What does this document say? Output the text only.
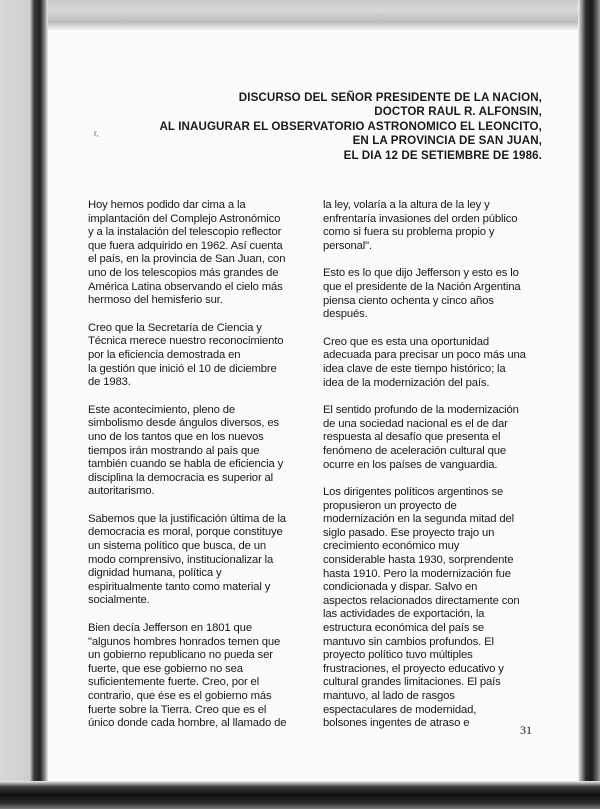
DISCURSO DEL SEÑOR PRESIDENTE DE LA NACION,
DOCTOR RAUL R. ALFONSIN,
AL INAUGURAR EL OBSERVATORIO ASTRONOMICO EL LEONCITO,
EN LA PROVINCIA DE SAN JUAN,
EL DIA 12 DE SETIEMBRE DE 1986.
r,

Hoy hemos podido dar cima a la
implantación del Complejo Astronómico
y a la instalación del telescopio reflector
que fuera adquirido en 1962. Así cuenta
el país, en la provincia de San Juan, con
uno de los telescopios más grandes de
América Latina observando el cielo más
hermoso del hemisferio sur.

Creo que la Secretaría de Ciencia y
Técnica merece nuestro reconocimiento
por la eficiencia demostrada en
la gestión que inició el 10 de diciembre
de 1983.

Este acontecimiento, pleno de
simbolismo desde ángulos diversos, es
uno de los tantos que en los nuevos
tiempos irán mostrando al país que
también cuando se habla de eficiencia y
disciplina la democracia es superior al
autoritarismo.

Sabemos que la justificación última de la
democracia es moral, porque constituye
un sistema político que busca, de un
modo comprensivo, institucionalizar la
dignidad humana, política y
espiritualmente tanto como material y
socialmente.

Bien decía Jefferson en 1801 que
"algunos hombres honrados temen que
un gobierno republicano no pueda ser
fuerte, que ese gobierno no sea
suficientemente fuerte. Creo, por el
contrario, que ése es el gobierno más
fuerte sobre la Tierra. Creo que es el
único donde cada hombre, al llamado de

la ley, volaría a la altura de la ley y
enfrentaría invasiones del orden público
como si fuera su problema propio y
personal".

Esto es lo que dijo Jefferson y esto es lo
que el presidente de la Nación Argentina
piensa ciento ochenta y cinco años
después.

Creo que es esta una oportunidad
adecuada para precisar un poco más una
idea clave de este tiempo histórico; la
idea de la modernización del país.

El sentido profundo de la modernización
de una sociedad nacional es el de dar
respuesta al desafío que presenta el
fenómeno de aceleración cultural que
ocurre en los países de vanguardia.

Los dirigentes políticos argentinos se
propusieron un proyecto de
modernización en la segunda mitad del
siglo pasado. Ese proyecto trajo un
crecimiento económico muy
considerable hasta 1930, sorprendente
hasta 1910. Pero la modernización fue
condicionada y dispar. Salvo en
aspectos relacionados directamente con
las actividades de exportación, la
estructura económica del país se
mantuvo sin cambios profundos. El
proyecto político tuvo múltiples
frustraciones, el proyecto educativo y
cultural grandes limitaciones. El país
mantuvo, al lado de rasgos
espectaculares de modernidad,
bolsones ingentes de atraso e	31
